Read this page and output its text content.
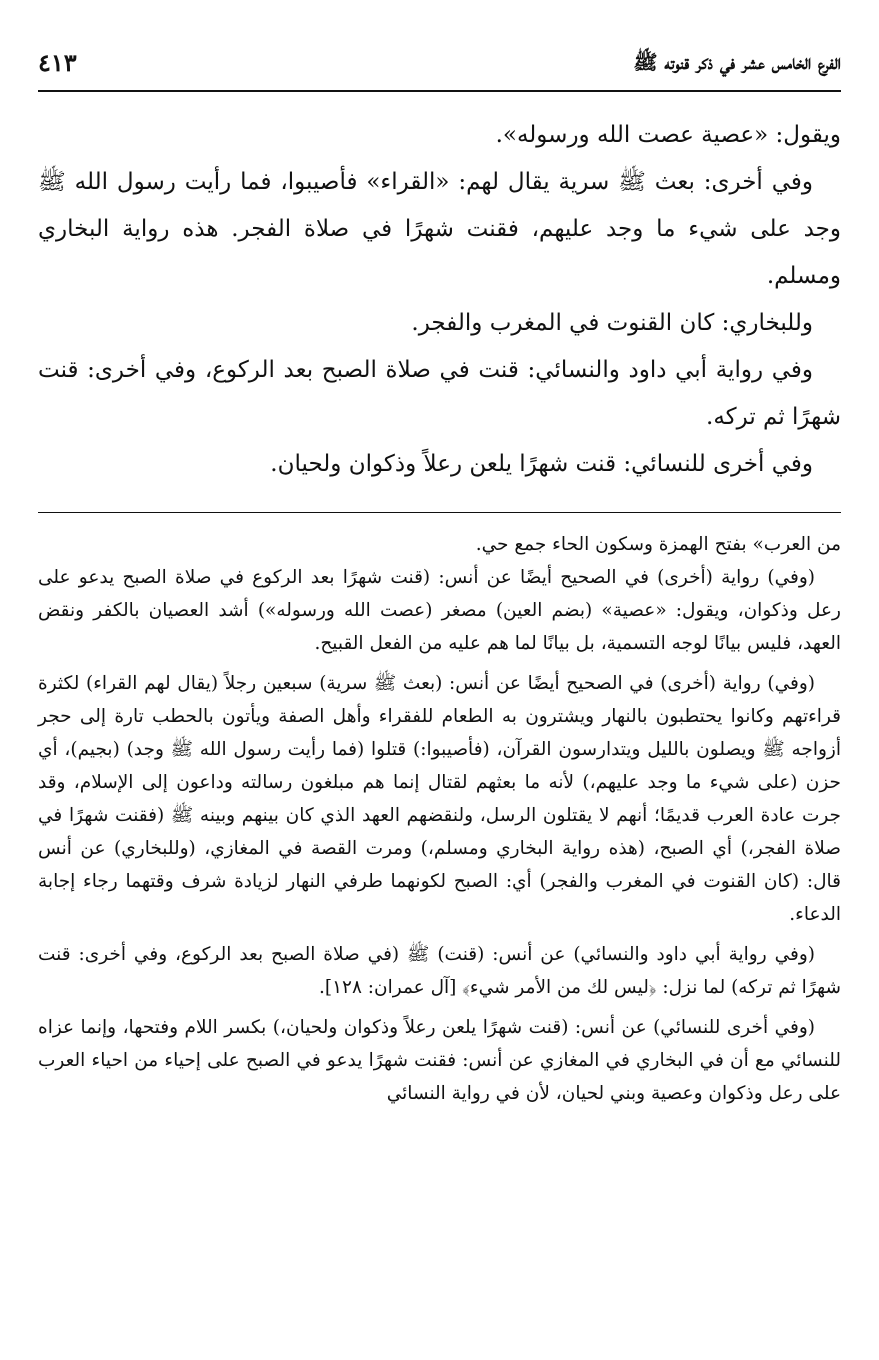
الفرع الخامس عشر في ذكر قنوته ﷺ
٤١٣

ويقول: «عصية عصت الله ورسوله».

وفي أخرى: بعث ﷺ سرية يقال لهم: «القراء» فأصيبوا، فما رأيت رسول الله ﷺ وجد على شيء ما وجد عليهم، فقنت شهرًا في صلاة الفجر. هذه رواية البخاري ومسلم.

وللبخاري: كان القنوت في المغرب والفجر.

وفي رواية أبي داود والنسائي: قنت في صلاة الصبح بعد الركوع، وفي أخرى: قنت شهرًا ثم تركه.

وفي أخرى للنسائي: قنت شهرًا يلعن رعلاً وذكوان ولحيان.

من العرب» بفتح الهمزة وسكون الحاء جمع حي.

(وفي) رواية (أخرى) في الصحيح أيضًا عن أنس: (قنت شهرًا بعد الركوع في صلاة الصبح يدعو على رعل وذكوان، ويقول: «عصية» (بضم العين) مصغر (عصت الله ورسوله») أشد العصيان بالكفر ونقض العهد، فليس بيانًا لوجه التسمية، بل بيانًا لما هم عليه من الفعل القبيح.

(وفي) رواية (أخرى) في الصحيح أيضًا عن أنس: (بعث ﷺ سرية) سبعين رجلاً (يقال لهم القراء) لكثرة قراءتهم وكانوا يحتطبون بالنهار ويشترون به الطعام للفقراء وأهل الصفة ويأتون بالحطب تارة إلى حجر أزواجه ﷺ ويصلون بالليل ويتدارسون القرآن، (فأصيبوا:) قتلوا (فما رأيت رسول الله ﷺ وجد) (بجيم)، أي حزن (على شيء ما وجد عليهم،) لأنه ما بعثهم لقتال إنما هم مبلغون رسالته وداعون إلى الإسلام، وقد جرت عادة العرب قديمًا؛ أنهم لا يقتلون الرسل، ولنقضهم العهد الذي كان بينهم وبينه ﷺ (فقنت شهرًا في صلاة الفجر،) أي الصبح، (هذه رواية البخاري ومسلم،) ومرت القصة في المغازي، (وللبخاري) عن أنس قال: (كان القنوت في المغرب والفجر) أي: الصبح لكونهما طرفي النهار لزيادة شرف وقتهما رجاء إجابة الدعاء.

(وفي رواية أبي داود والنسائي) عن أنس: (قنت) ﷺ (في صلاة الصبح بعد الركوع، وفي أخرى: قنت شهرًا ثم تركه) لما نزل: ﴿ليس لك من الأمر شيء﴾ [آل عمران: ١٢٨].

(وفي أخرى للنسائي) عن أنس: (قنت شهرًا يلعن رعلاً وذكوان ولحيان،) بكسر اللام وفتحها، وإنما عزاه للنسائي مع أن في البخاري في المغازي عن أنس: فقنت شهرًا يدعو في الصبح على إحياء من احياء العرب على رعل وذكوان وعصية وبني لحيان، لأن في رواية النسائي
